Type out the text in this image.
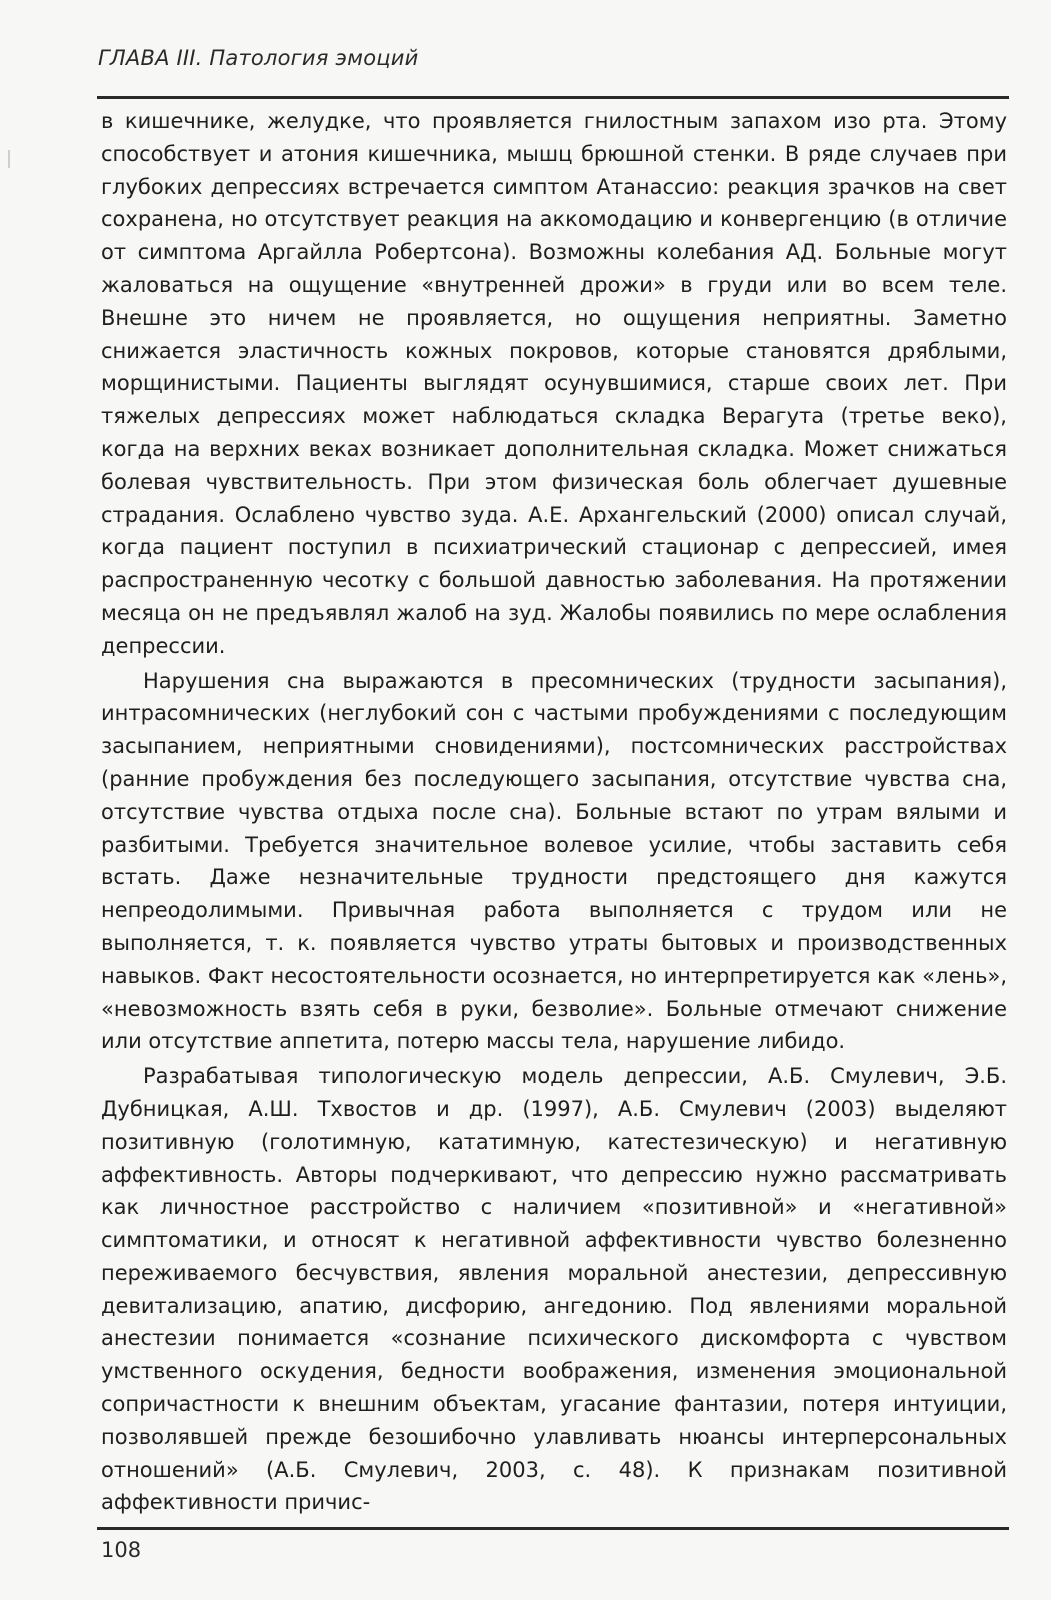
ГЛАВА III. Патология эмоций

в кишечнике, желудке, что проявляется гнилостным запахом изо рта. Этому способствует и атония кишечника, мышц брюшной стенки. В ряде случаев при глубоких депрессиях встречается симптом Атанассио: реакция зрачков на свет сохранена, но отсутствует реакция на аккомодацию и конвергенцию (в отличие от симптома Аргайлла Робертсона). Возможны колебания АД. Больные могут жаловаться на ощущение «внутренней дрожи» в груди или во всем теле. Внешне это ничем не проявляется, но ощущения неприятны. Заметно снижается эластичность кожных покровов, которые становятся дряблыми, морщинистыми. Пациенты выглядят осунувшимися, старше своих лет. При тяжелых депрессиях может наблюдаться складка Верагута (третье веко), когда на верхних веках возникает дополнительная складка. Может снижаться болевая чувствительность. При этом физическая боль облегчает душевные страдания. Ослаблено чувство зуда. А.Е. Архангельский (2000) описал случай, когда пациент поступил в психиатрический стационар с депрессией, имея распространенную чесотку с большой давностью заболевания. На протяжении месяца он не предъявлял жалоб на зуд. Жалобы появились по мере ослабления депрессии.

Нарушения сна выражаются в пресомнических (трудности засыпания), интрасомнических (неглубокий сон с частыми пробуждениями с последующим засыпанием, неприятными сновидениями), постсомнических расстройствах (ранние пробуждения без последующего засыпания, отсутствие чувства сна, отсутствие чувства отдыха после сна). Больные встают по утрам вялыми и разбитыми. Требуется значительное волевое усилие, чтобы заставить себя встать. Даже незначительные трудности предстоящего дня кажутся непреодолимыми. Привычная работа выполняется с трудом или не выполняется, т. к. появляется чувство утраты бытовых и производственных навыков. Факт несостоятельности осознается, но интерпретируется как «лень», «невозможность взять себя в руки, безволие». Больные отмечают снижение или отсутствие аппетита, потерю массы тела, нарушение либидо.

Разрабатывая типологическую модель депрессии, А.Б. Смулевич, Э.Б. Дубницкая, А.Ш. Тхвостов и др. (1997), А.Б. Смулевич (2003) выделяют позитивную (голотимную, кататимную, катестезическую) и негативную аффективность. Авторы подчеркивают, что депрессию нужно рассматривать как личностное расстройство с наличием «позитивной» и «негативной» симптоматики, и относят к негативной аффективности чувство болезненно переживаемого бесчувствия, явления моральной анестезии, депрессивную девитализацию, апатию, дисфорию, ангедонию. Под явлениями моральной анестезии понимается «сознание психического дискомфорта с чувством умственного оскудения, бедности воображения, изменения эмоциональной сопричастности к внешним объектам, угасание фантазии, потеря интуиции, позволявшей прежде безошибочно улавливать нюансы интерперсональных отношений» (А.Б. Смулевич, 2003, с. 48). К признакам позитивной аффективности причис-

108
